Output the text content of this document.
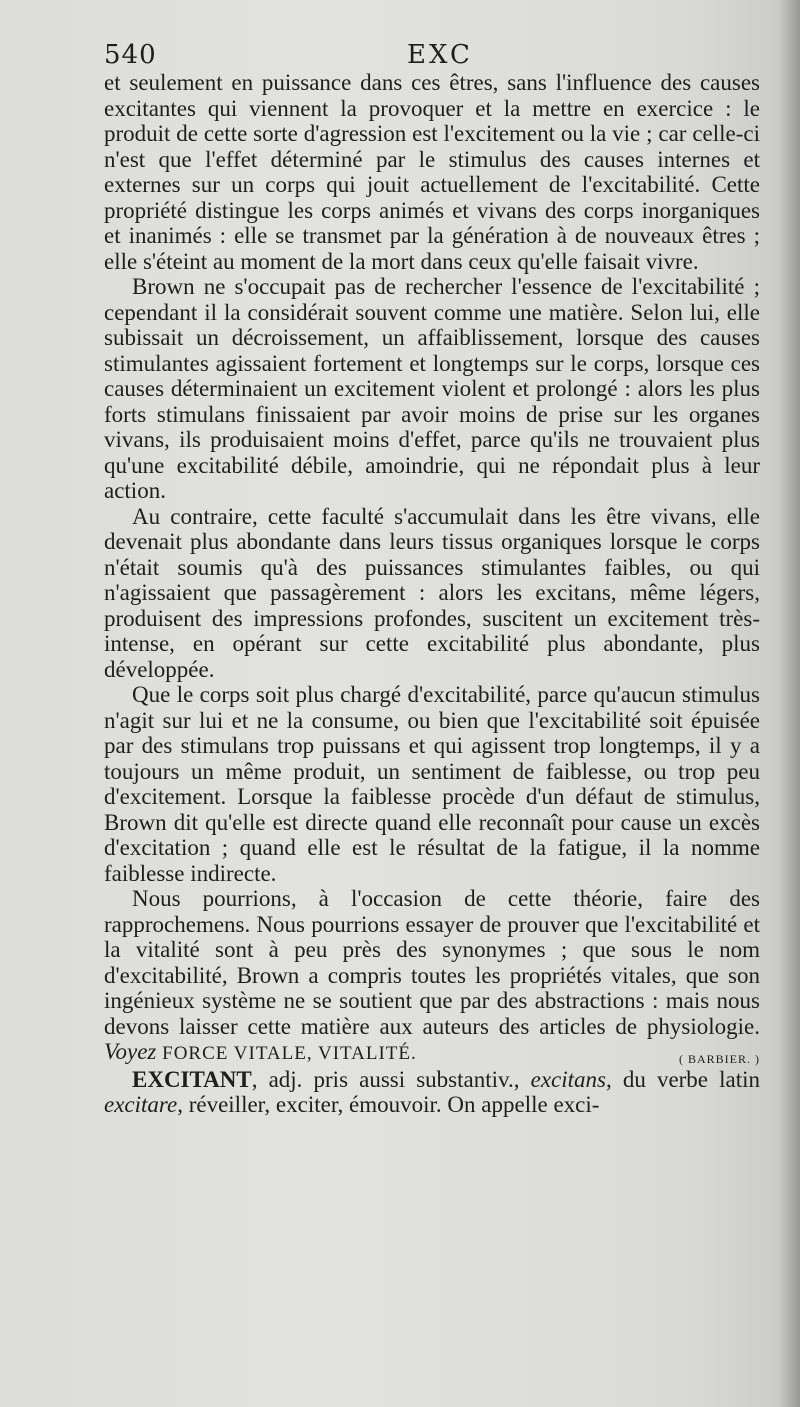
540	EXC

et seulement en puissance dans ces êtres, sans l'influence des causes excitantes qui viennent la provoquer et la mettre en exercice : le produit de cette sorte d'agression est l'excitement ou la vie ; car celle-ci n'est que l'effet déterminé par le stimulus des causes internes et externes sur un corps qui jouit actuellement de l'excitabilité. Cette propriété distingue les corps animés et vivans des corps inorganiques et inanimés : elle se transmet par la génération à de nouveaux êtres ; elle s'éteint au moment de la mort dans ceux qu'elle faisait vivre.

Brown ne s'occupait pas de rechercher l'essence de l'excitabilité ; cependant il la considérait souvent comme une matière. Selon lui, elle subissait un décroissement, un affaiblissement, lorsque des causes stimulantes agissaient fortement et longtemps sur le corps, lorsque ces causes déterminaient un excitement violent et prolongé : alors les plus forts stimulans finissaient par avoir moins de prise sur les organes vivans, ils produisaient moins d'effet, parce qu'ils ne trouvaient plus qu'une excitabilité débile, amoindrie, qui ne répondait plus à leur action.

Au contraire, cette faculté s'accumulait dans les être vivans, elle devenait plus abondante dans leurs tissus organiques lorsque le corps n'était soumis qu'à des puissances stimulantes faibles, ou qui n'agissaient que passagèrement : alors les excitans, même légers, produisent des impressions profondes, suscitent un excitement très-intense, en opérant sur cette excitabilité plus abondante, plus développée.

Que le corps soit plus chargé d'excitabilité, parce qu'aucun stimulus n'agit sur lui et ne la consume, ou bien que l'excitabilité soit épuisée par des stimulans trop puissans et qui agissent trop longtemps, il y a toujours un même produit, un sentiment de faiblesse, ou trop peu d'excitement. Lorsque la faiblesse procède d'un défaut de stimulus, Brown dit qu'elle est directe quand elle reconnaît pour cause un excès d'excitation ; quand elle est le résultat de la fatigue, il la nomme faiblesse indirecte.

Nous pourrions, à l'occasion de cette théorie, faire des rapprochemens. Nous pourrions essayer de prouver que l'excitabilité et la vitalité sont à peu près des synonymes ; que sous le nom d'excitabilité, Brown a compris toutes les propriétés vitales, que son ingénieux système ne se soutient que par des abstractions : mais nous devons laisser cette matière aux auteurs des articles de physiologie. Voyez FORCE VITALE, VITALITÉ.	( BARBIER. )

EXCITANT, adj. pris aussi substantiv., excitans, du verbe latin excitare, réveiller, exciter, émouvoir. On appelle exci-
